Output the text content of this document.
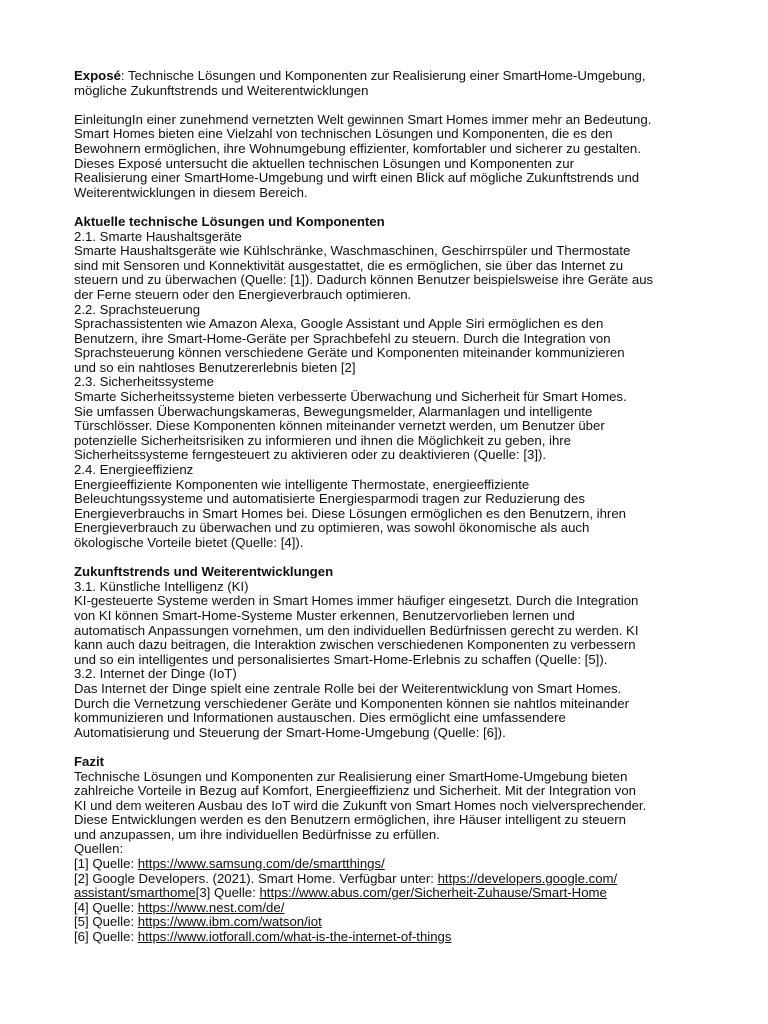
Exposé: Technische Lösungen und Komponenten zur Realisierung einer SmartHome-Umgebung,
mögliche Zukunftstrends und Weiterentwicklungen
EinleitungIn einer zunehmend vernetzten Welt gewinnen Smart Homes immer mehr an Bedeutung.
Smart Homes bieten eine Vielzahl von technischen Lösungen und Komponenten, die es den
Bewohnern ermöglichen, ihre Wohnumgebung effizienter, komfortabler und sicherer zu gestalten.
Dieses Exposé untersucht die aktuellen technischen Lösungen und Komponenten zur
Realisierung einer SmartHome-Umgebung und wirft einen Blick auf mögliche Zukunftstrends und
Weiterentwicklungen in diesem Bereich.
Aktuelle technische Lösungen und Komponenten
2.1. Smarte Haushaltsgeräte
Smarte Haushaltsgeräte wie Kühlschränke, Waschmaschinen, Geschirrspüler und Thermostate
sind mit Sensoren und Konnektivität ausgestattet, die es ermöglichen, sie über das Internet zu
steuern und zu überwachen (Quelle: [1]). Dadurch können Benutzer beispielsweise ihre Geräte aus
der Ferne steuern oder den Energieverbrauch optimieren.
2.2. Sprachsteuerung
Sprachassistenten wie Amazon Alexa, Google Assistant und Apple Siri ermöglichen es den
Benutzern, ihre Smart-Home-Geräte per Sprachbefehl zu steuern. Durch die Integration von
Sprachsteuerung können verschiedene Geräte und Komponenten miteinander kommunizieren
und so ein nahtloses Benutzererlebnis bieten [2]
2.3. Sicherheitssysteme
Smarte Sicherheitssysteme bieten verbesserte Überwachung und Sicherheit für Smart Homes.
Sie umfassen Überwachungskameras, Bewegungsmelder, Alarmanlagen und intelligente
Türschlösser. Diese Komponenten können miteinander vernetzt werden, um Benutzer über
potenzielle Sicherheitsrisiken zu informieren und ihnen die Möglichkeit zu geben, ihre
Sicherheitssysteme ferngesteuert zu aktivieren oder zu deaktivieren (Quelle: [3]).
2.4. Energieeffizienz
Energieeffiziente Komponenten wie intelligente Thermostate, energieeffiziente
Beleuchtungssysteme und automatisierte Energiesparmodi tragen zur Reduzierung des
Energieverbrauchs in Smart Homes bei. Diese Lösungen ermöglichen es den Benutzern, ihren
Energieverbrauch zu überwachen und zu optimieren, was sowohl ökonomische als auch
ökologische Vorteile bietet (Quelle: [4]).
Zukunftstrends und Weiterentwicklungen
3.1. Künstliche Intelligenz (KI)
KI-gesteuerte Systeme werden in Smart Homes immer häufiger eingesetzt. Durch die Integration
von KI können Smart-Home-Systeme Muster erkennen, Benutzervorlieben lernen und
automatisch Anpassungen vornehmen, um den individuellen Bedürfnissen gerecht zu werden. KI
kann auch dazu beitragen, die Interaktion zwischen verschiedenen Komponenten zu verbessern
und so ein intelligentes und personalisiertes Smart-Home-Erlebnis zu schaffen (Quelle: [5]).
3.2. Internet der Dinge (IoT)
Das Internet der Dinge spielt eine zentrale Rolle bei der Weiterentwicklung von Smart Homes.
Durch die Vernetzung verschiedener Geräte und Komponenten können sie nahtlos miteinander
kommunizieren und Informationen austauschen. Dies ermöglicht eine umfassendere
Automatisierung und Steuerung der Smart-Home-Umgebung (Quelle: [6]).
Fazit
Technische Lösungen und Komponenten zur Realisierung einer SmartHome-Umgebung bieten
zahlreiche Vorteile in Bezug auf Komfort, Energieeffizienz und Sicherheit. Mit der Integration von
KI und dem weiteren Ausbau des IoT wird die Zukunft von Smart Homes noch vielversprechender.
Diese Entwicklungen werden es den Benutzern ermöglichen, ihre Häuser intelligent zu steuern
und anzupassen, um ihre individuellen Bedürfnisse zu erfüllen.
Quellen:
[1] Quelle: https://www.samsung.com/de/smartthings/
[2] Google Developers. (2021). Smart Home. Verfügbar unter: https://developers.google.com/
assistant/smarthome[3] Quelle: https://www.abus.com/ger/Sicherheit-Zuhause/Smart-Home
[4] Quelle: https://www.nest.com/de/
[5] Quelle: https://www.ibm.com/watson/iot
[6] Quelle: https://www.iotforall.com/what-is-the-internet-of-things
